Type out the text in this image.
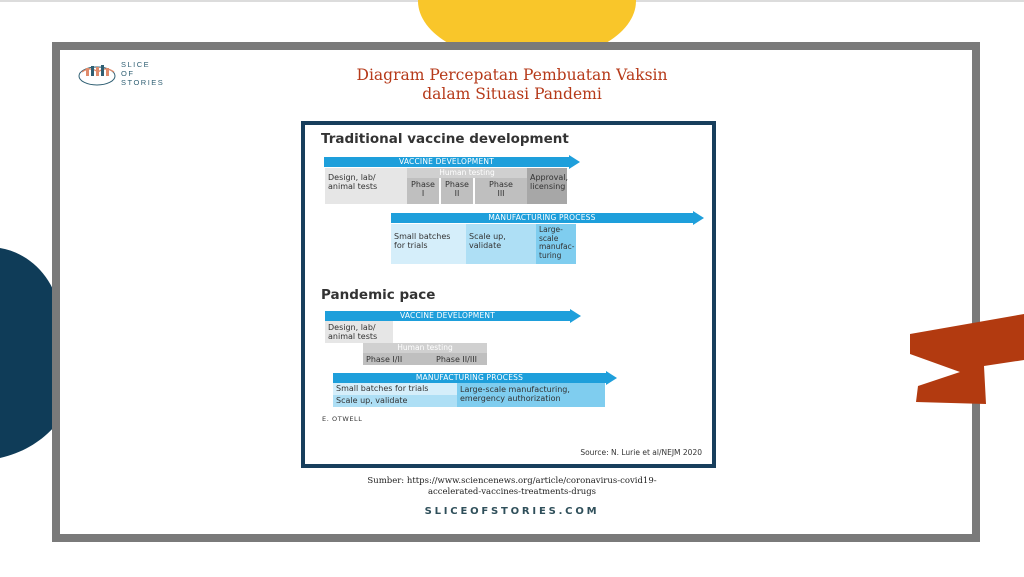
SLICE
OF
STORIES	Diagram Percepatan Pembuatan Vaksin
dalam Situasi Pandemi
Traditional vaccine development
VACCINE DEVELOPMENT
Design, lab/ animal tests
Human testing
Phase I
Phase II
Phase III
Approval, licensing
MANUFACTURING PROCESS
Small batches for trials
Scale up, validate
Large-scale manufac-turing
Pandemic pace
VACCINE DEVELOPMENT
Design, lab/ animal tests
Human testing
Phase I/II	Phase II/III
MANUFACTURING PROCESS
Small batches for trials
Scale up, validate
Large-scale manufacturing, emergency authorization
E. OTWELL
Source: N. Lurie et al/NEJM 2020
Sumber: https://www.sciencenews.org/article/coronavirus-covid19-
accelerated-vaccines-treatments-drugs
SLICEOFSTORIES.COM
